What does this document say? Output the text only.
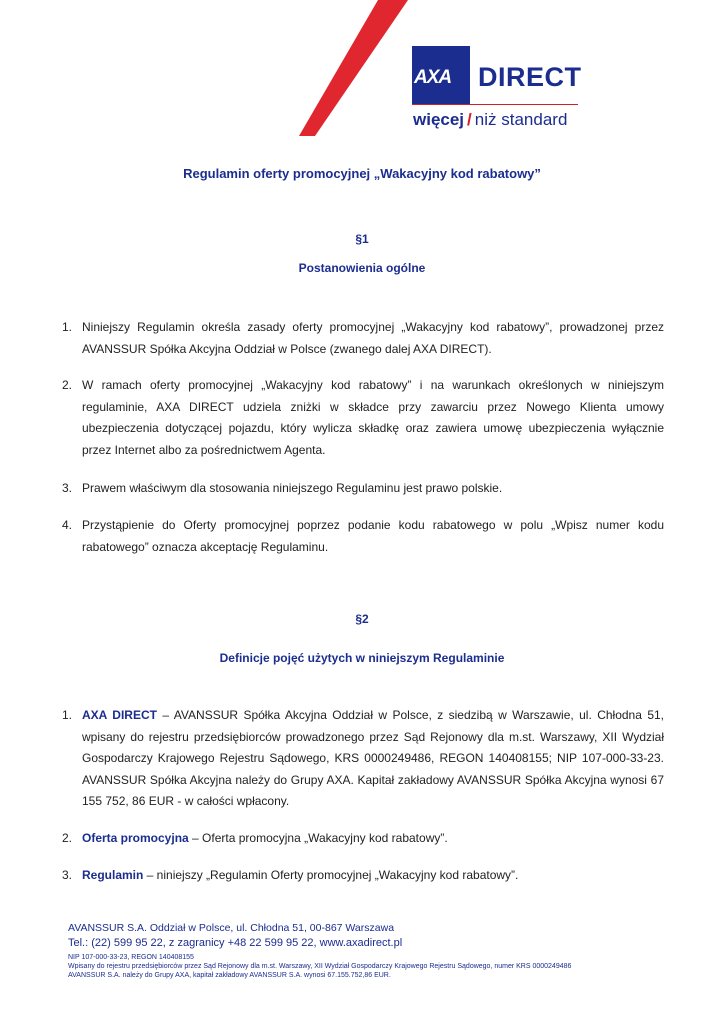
AXA DIRECT
więcej / niż standard
Regulamin oferty promocyjnej „Wakacyjny kod rabatowy”
§1
Postanowienia ogólne
1. Niniejszy Regulamin określa zasady oferty promocyjnej „Wakacyjny kod rabatowy”, prowadzonej przez AVANSSUR Spółka Akcyjna Oddział w Polsce (zwanego dalej AXA DIRECT).
2. W ramach oferty promocyjnej „Wakacyjny kod rabatowy” i na warunkach określonych w niniejszym regulaminie, AXA DIRECT udziela zniżki w składce przy zawarciu przez Nowego Klienta umowy ubezpieczenia dotyczącej pojazdu, który wylicza składkę oraz zawiera umowę ubezpieczenia wyłącznie przez Internet albo za pośrednictwem Agenta.
3. Prawem właściwym dla stosowania niniejszego Regulaminu jest prawo polskie.
4. Przystąpienie do Oferty promocyjnej poprzez podanie kodu rabatowego w polu „Wpisz numer kodu rabatowego” oznacza akceptację Regulaminu.
§2
Definicje pojęć użytych w niniejszym Regulaminie
1. AXA DIRECT – AVANSSUR Spółka Akcyjna Oddział w Polsce, z siedzibą w Warszawie, ul. Chłodna 51, wpisany do rejestru przedsiębiorców prowadzonego przez Sąd Rejonowy dla m.st. Warszawy, XII Wydział Gospodarczy Krajowego Rejestru Sądowego, KRS 0000249486, REGON 140408155; NIP 107-000-33-23. AVANSSUR Spółka Akcyjna należy do Grupy AXA. Kapitał zakładowy AVANSSUR Spółka Akcyjna wynosi 67 155 752, 86 EUR - w całości wpłacony.
2. Oferta promocyjna – Oferta promocyjna „Wakacyjny kod rabatowy”.
3. Regulamin – niniejszy „Regulamin Oferty promocyjnej „Wakacyjny kod rabatowy”.
AVANSSUR S.A. Oddział w Polsce, ul. Chłodna 51, 00-867 Warszawa
Tel.: (22) 599 95 22, z zagranicy +48 22 599 95 22, www.axadirect.pl
NIP 107-000-33-23, REGON 140408155
Wpisany do rejestru przedsiębiorców przez Sąd Rejonowy dla m.st. Warszawy, XII Wydział Gospodarczy Krajowego Rejestru Sądowego, numer KRS 0000249486
AVANSSUR S.A. należy do Grupy AXA, kapitał zakładowy AVANSSUR S.A. wynosi 67.155.752,86 EUR.
